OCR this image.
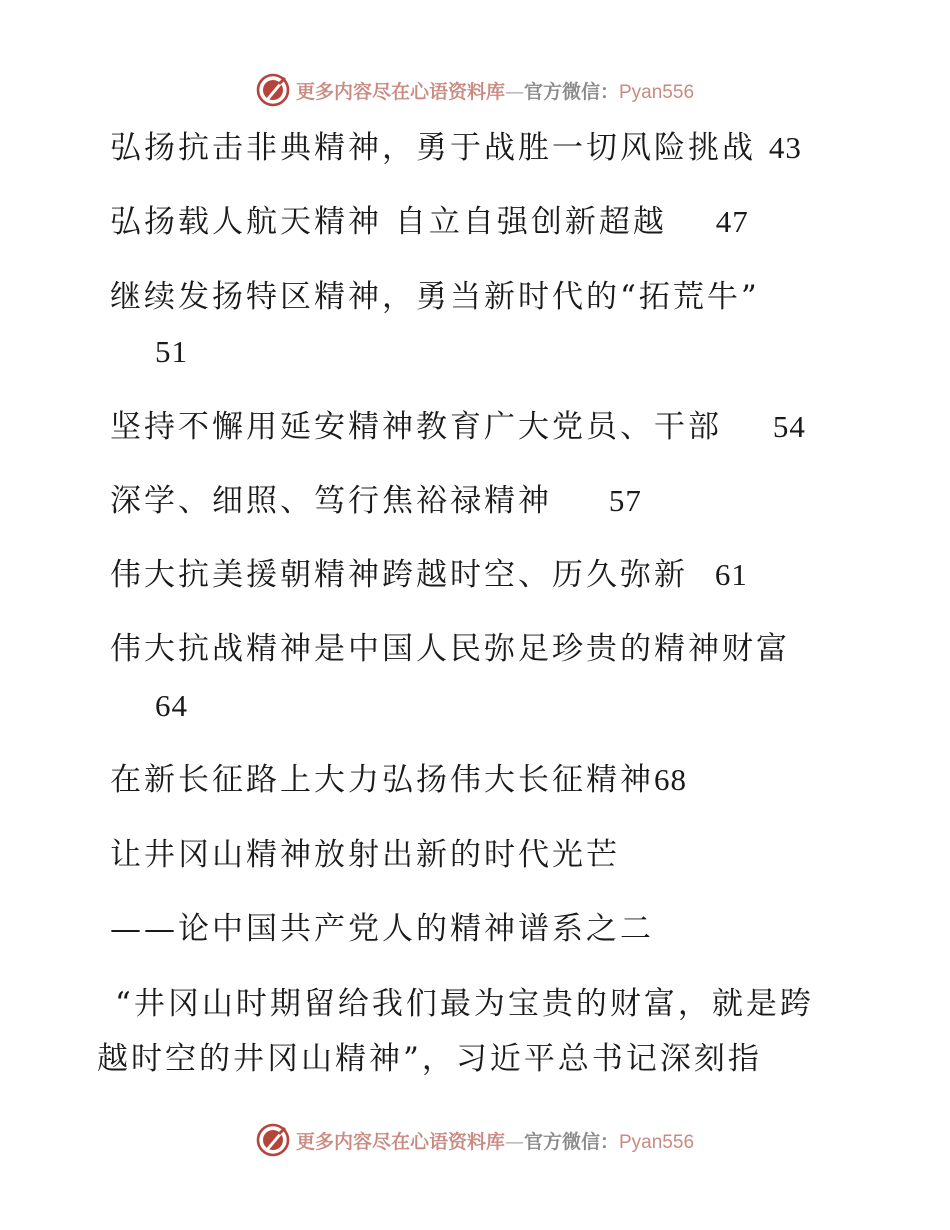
更多内容尽在心语资料库—官方微信：Pyan556
弘扬抗击非典精神，勇于战胜一切风险挑战 43
弘扬载人航天精神 自立自强创新超越 47
继续发扬特区精神，勇当新时代的“拓荒牛”
51
坚持不懈用延安精神教育广大党员、干部 54
深学、细照、笃行焦裕禄精神 57
伟大抗美援朝精神跨越时空、历久弥新 61
伟大抗战精神是中国人民弥足珍贵的精神财富
64
在新长征路上大力弘扬伟大长征精神68
让井冈山精神放射出新的时代光芒
——论中国共产党人的精神谱系之二
“井冈山时期留给我们最为宝贵的财富，就是跨
越时空的井冈山精神”，习近平总书记深刻指
更多内容尽在心语资料库—官方微信：Pyan556
